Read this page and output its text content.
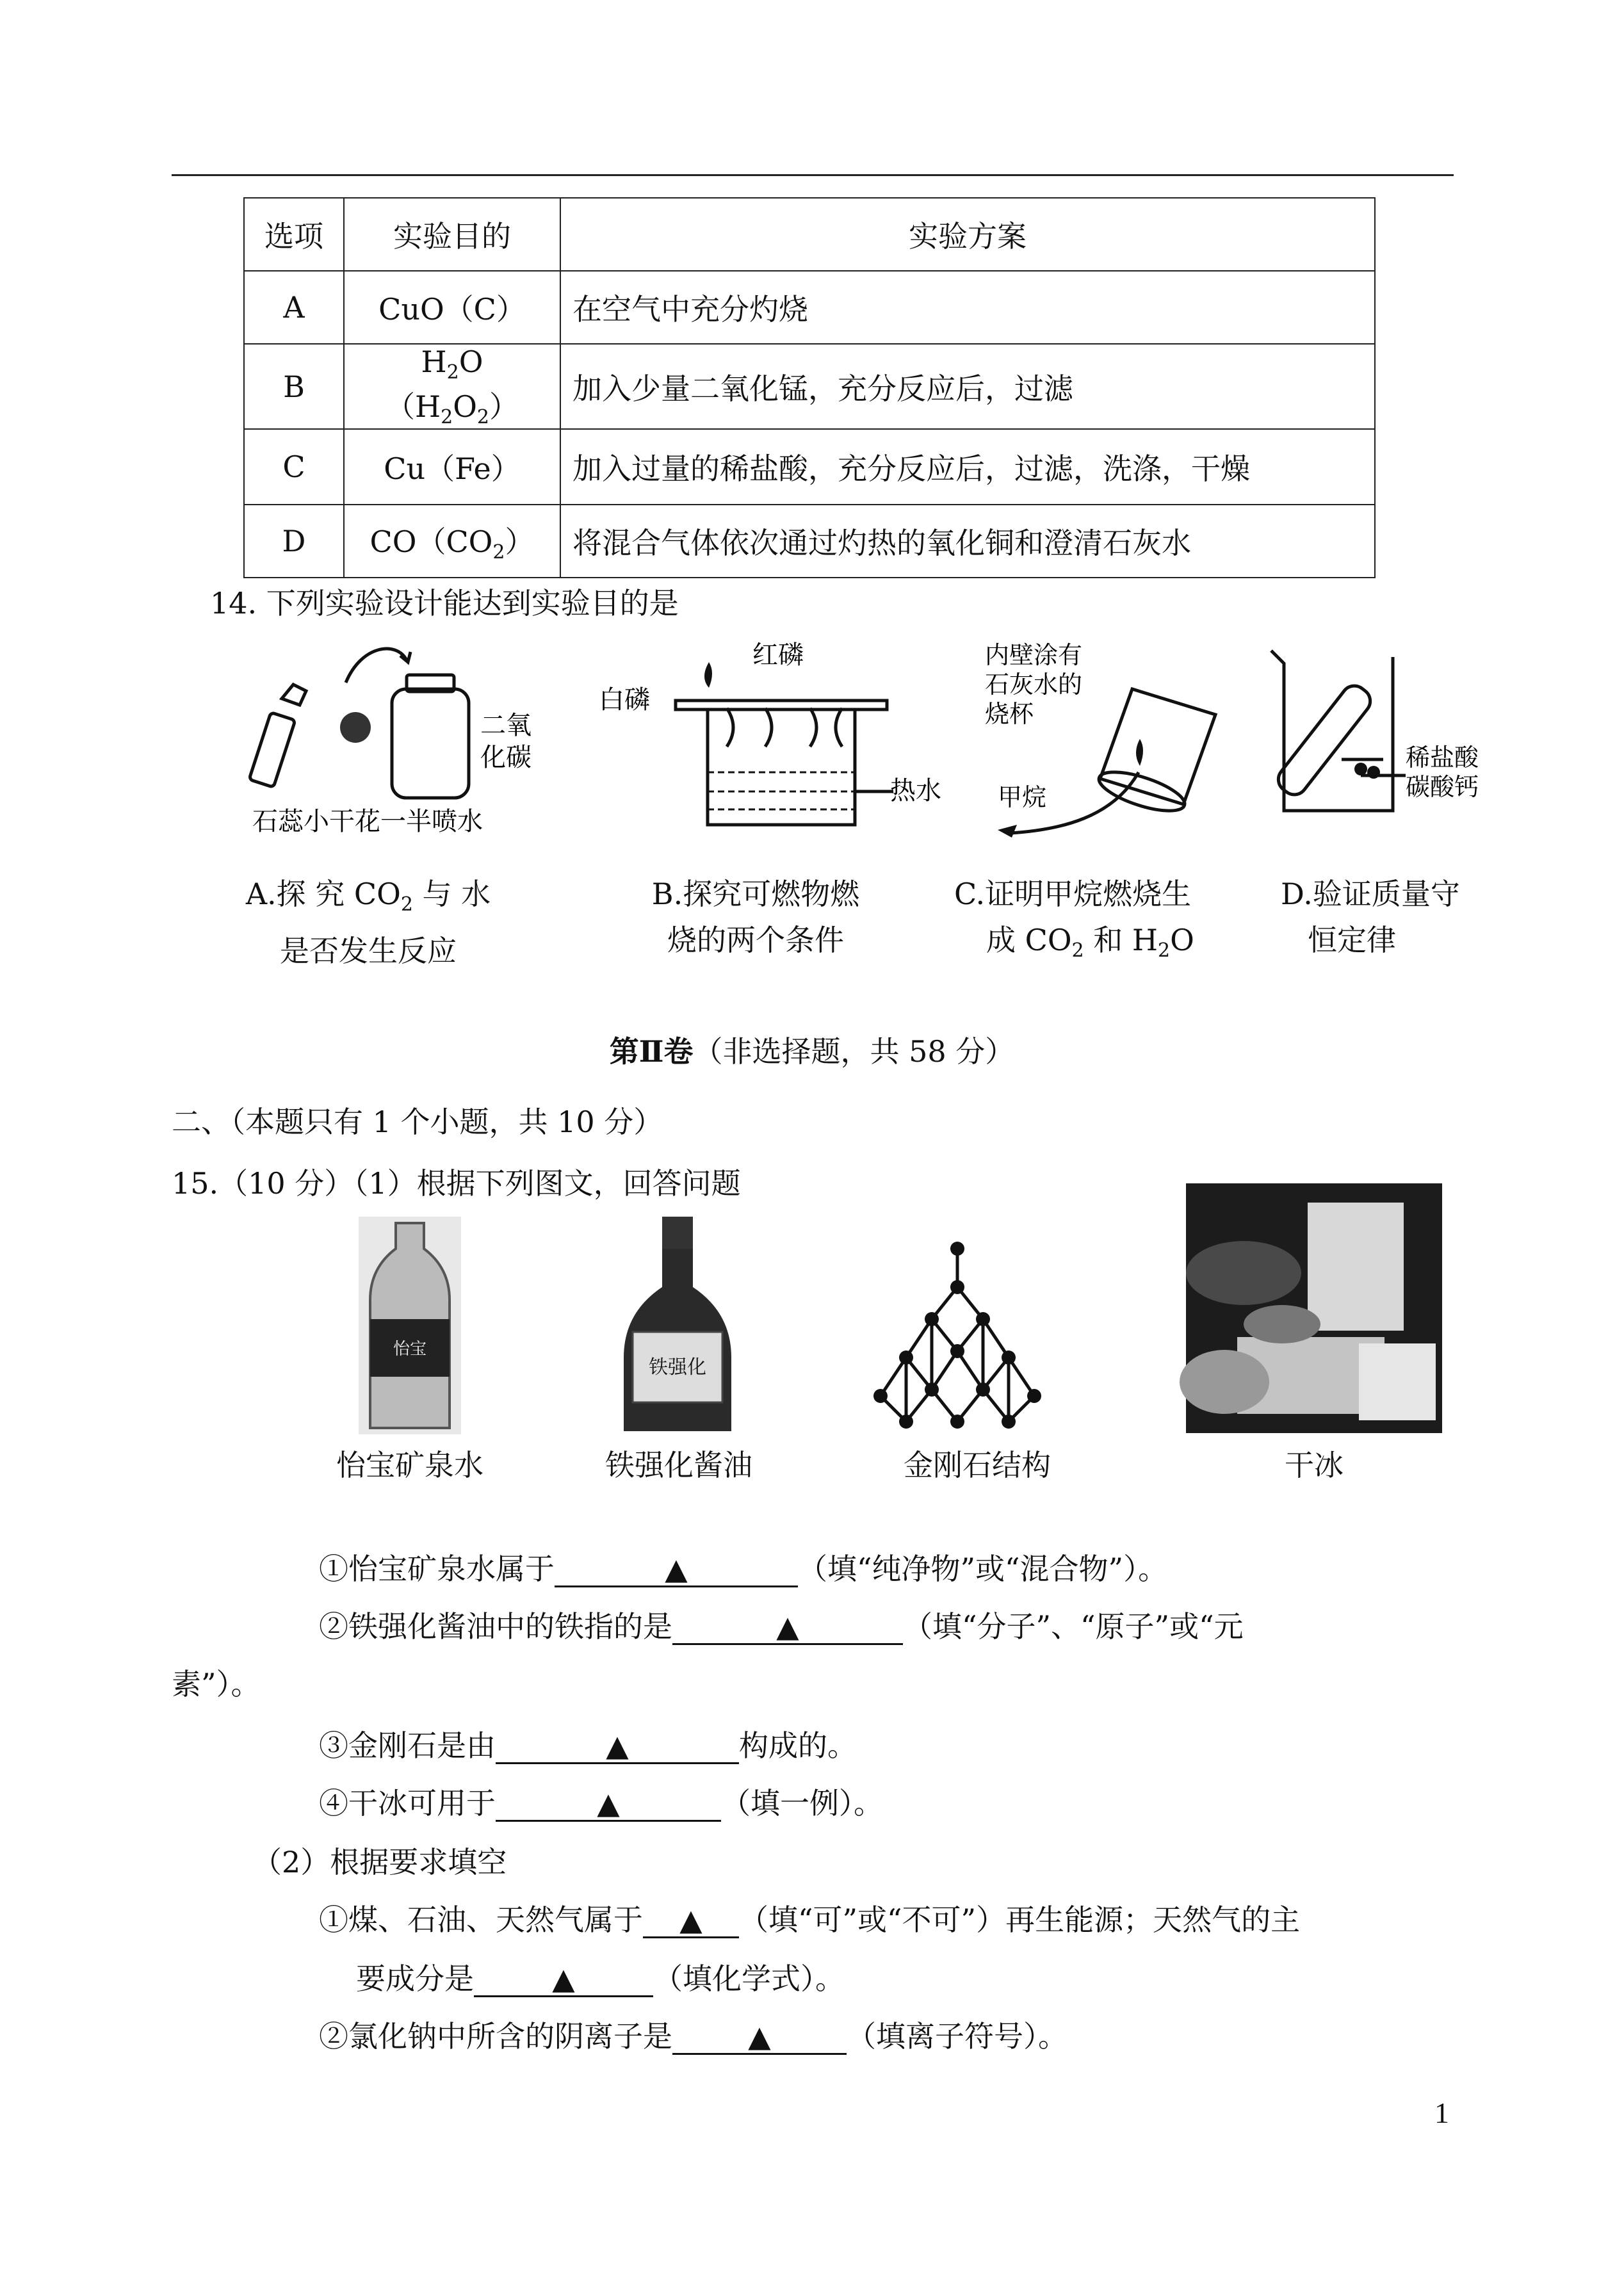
选项	实验目的	实验方案
A	CuO（C）	在空气中充分灼烧
B	$H_2O(H_2O_2)$	加入少量二氧化锰，充分反应后，过滤
C	Cu（Fe）	加入过量的稀盐酸，充分反应后，过滤，洗涤，干燥
D	$CO(CO_2)$	将混合气体依次通过灼热的氧化铜和澄清石灰水
14. 下列实验设计能达到实验目的是
二氧
化碳
石蕊小干花一半喷水
白磷
红磷
热水
内壁涂有
石灰水的
烧杯
甲烷
稀盐酸
碳酸钙
A.探 究 $CO_2$ 与 水
是否发生反应
B.探究可燃物燃
烧的两个条件
C.证明甲烷燃烧生
成 $CO_2$ 和 $H_2O$
D.验证质量守
恒定律
第Ⅱ卷（非选择题，共 58 分）
二、（本题只有 1 个小题，共 10 分）
15.（10 分）（1）根据下列图文，回答问题
怡宝
铁强化
怡宝矿泉水	铁强化酱油	金刚石结构	干冰
①怡宝矿泉水属于	▲	（填“纯净物”或“混合物”）。
②铁强化酱油中的铁指的是	▲	（填“分子”、“原子”或“元
素”）。
③金刚石是由	▲	构成的。
④干冰可用于	▲	（填一例）。
（2）根据要求填空
①煤、石油、天然气属于 ▲ （填“可”或“不可”）再生能源；天然气的主
要成分是	▲	（填化学式）。
②氯化钠中所含的阴离子是	▲	（填离子符号）。
1
